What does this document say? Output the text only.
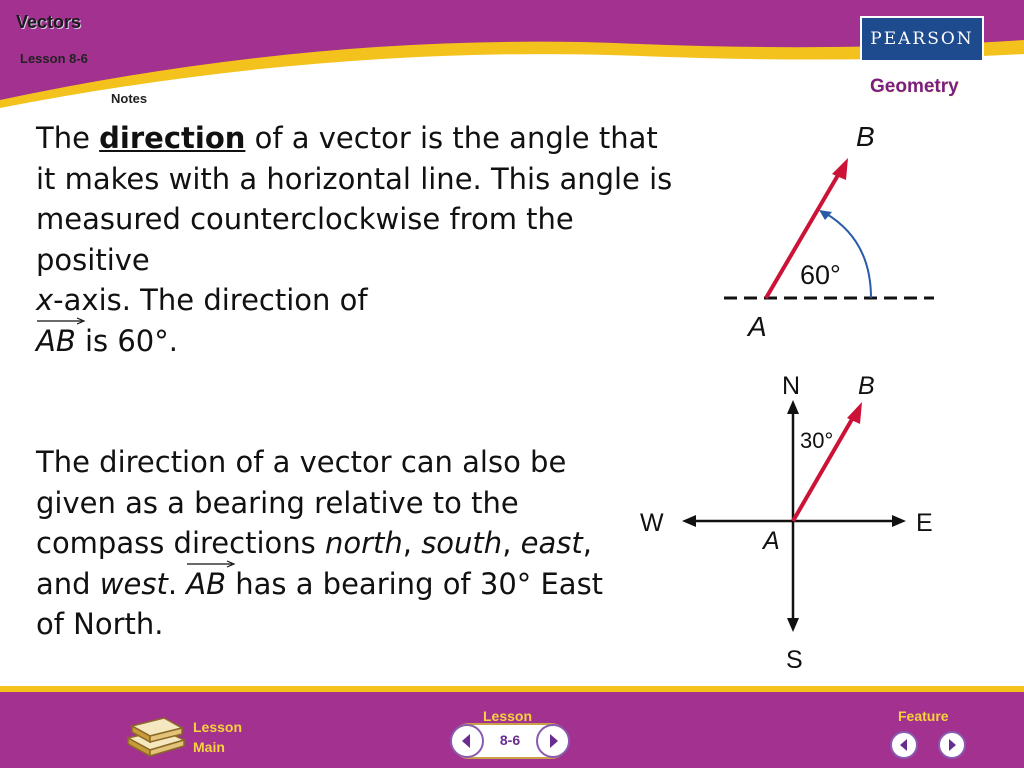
Vectors
Lesson 8-6
Notes
PEARSON
Geometry

The direction of a vector is the angle that it makes with a horizontal line. This angle is measured counterclockwise from the positive
x-axis. The direction of

AB is 60°.

B
A
60°

The direction of a vector can also be given as a bearing relative to the compass directions north, south, east, and west.
AB has a bearing of 30° East of North.

N
S
W	E
B
A
30°
Lesson
Main
Lesson
8-6
Feature
